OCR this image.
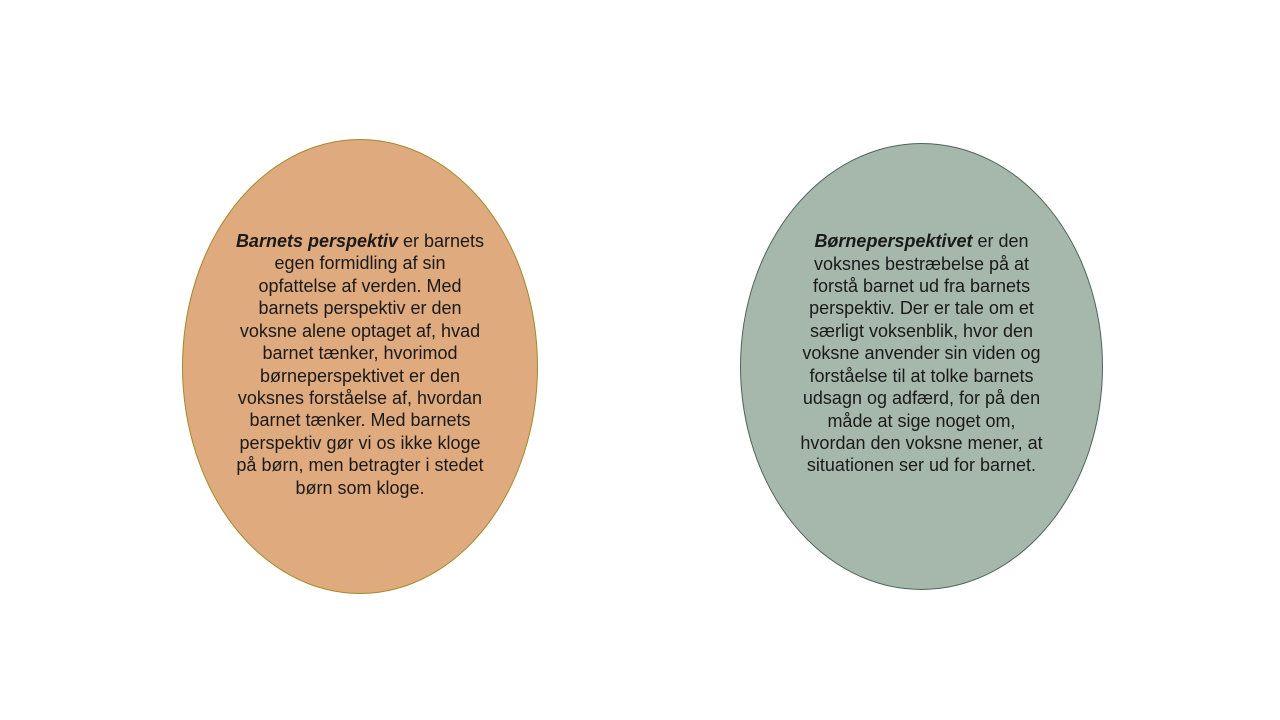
Barnets perspektiv er barnets egen formidling af sin opfattelse af verden. Med barnets perspektiv er den voksne alene optaget af, hvad barnet tænker, hvorimod børneperspektivet er den voksnes forståelse af, hvordan barnet tænker. Med barnets perspektiv gør vi os ikke kloge på børn, men betragter i stedet børn som kloge.
Børneperspektivet er den voksnes bestræbelse på at forstå barnet ud fra barnets perspektiv. Der er tale om et særligt voksenblik, hvor den voksne anvender sin viden og forståelse til at tolke barnets udsagn og adfærd, for på den måde at sige noget om, hvordan den voksne mener, at situationen ser ud for barnet.
